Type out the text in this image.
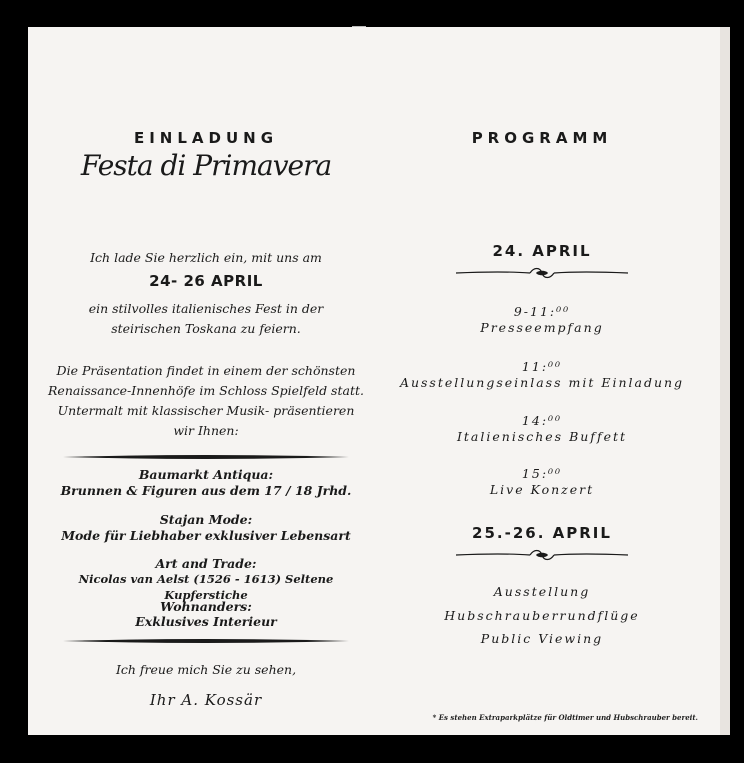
EINLADUNG
Festa di Primavera
Ich lade Sie herzlich ein, mit uns am
24- 26 APRIL
ein stilvolles italienisches Fest in der
steirischen Toskana zu feiern.
Die Präsentation findet in einem der schönsten
Renaissance-Innenhöfe im Schloss Spielfeld statt.
Untermalt mit klassischer Musik- präsentieren
wir Ihnen:
Baumarkt Antiqua:
Brunnen & Figuren aus dem 17 / 18 Jrhd.
Stajan Mode:
Mode für Liebhaber exklusiver Lebensart
Art and Trade:
Nicolas van Aelst (1526 - 1613) Seltene Kupferstiche
Wohnanders:
Exklusives Interieur
Ich freue mich Sie zu sehen,
Ihr A. Kossär
PROGRAMM
24. APRIL
9-11:⁰⁰
Presseempfang
11:⁰⁰
Ausstellungseinlass mit Einladung
14:⁰⁰
Italienisches Buffett
15:⁰⁰
Live Konzert
25.-26. APRIL
Ausstellung
Hubschrauberrundflüge
Public Viewing
* Es stehen Extraparkplätze für Oldtimer und Hubschrauber bereit.
